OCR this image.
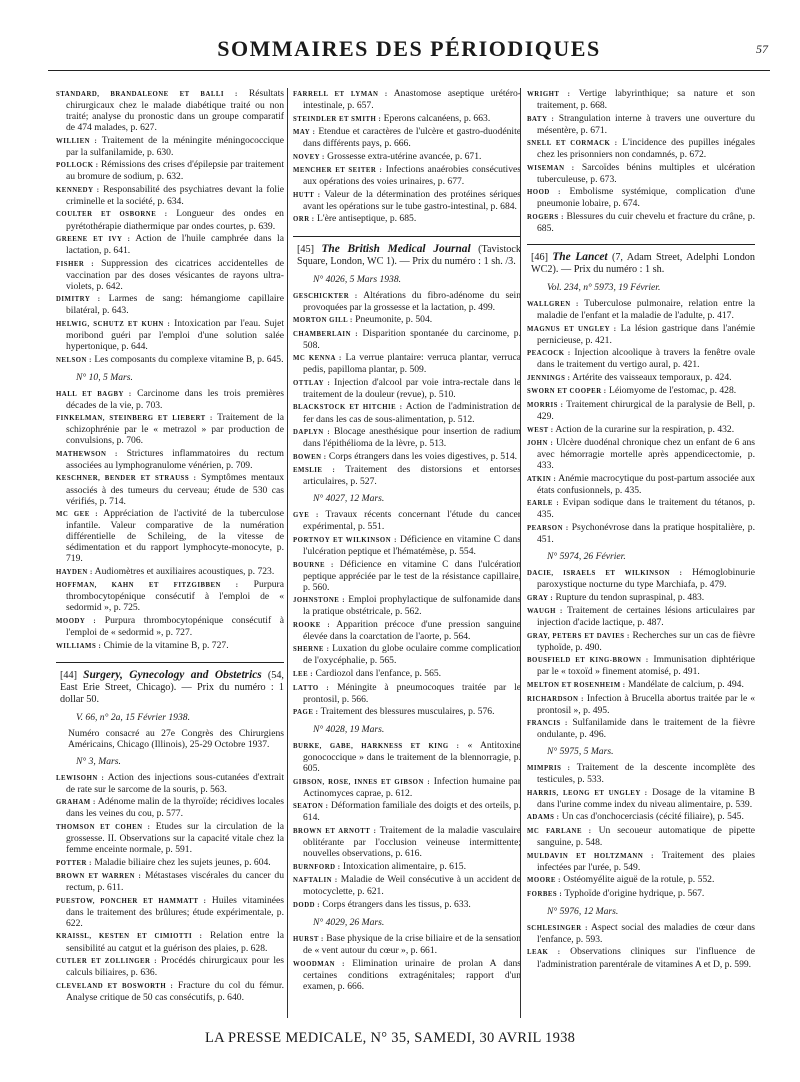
SOMMAIRES DES PÉRIODIQUES	57
STANDARD, BRANDALEONE ET BALLI : Résultats chirurgicaux chez le malade diabétique traité ou non traité; analyse du pronostic dans un groupe comparatif de 474 malades, p. 627.
WILLIEN : Traitement de la méningite méningococcique par la sulfanilamide, p. 630.
POLLOCK : Rémissions des crises d'épilepsie par traitement au bromure de sodium, p. 632.
KENNEDY : Responsabilité des psychiatres devant la folie criminelle et la société, p. 634.
COULTER ET OSBORNE : Longueur des ondes en pyrétothérapie diathermique par ondes courtes, p. 639.
GREENE ET IVY : Action de l'huile camphrée dans la lactation, p. 641.
FISHER : Suppression des cicatrices accidentelles de vaccination par des doses vésicantes de rayons ultra-violets, p. 642.
DIMITRY : Larmes de sang: hémangiome capillaire bilatéral, p. 643.
HELWIG, SCHUTZ ET KUHN : Intoxication par l'eau. Sujet moribond guéri par l'emploi d'une solution salée hypertonique, p. 644.
NELSON : Les composants du complexe vitamine B, p. 645.
N° 10, 5 Mars.
HALL ET BAGBY : Carcinome dans les trois premières décades de la vie, p. 703.
FINKELMAN, STEINBERG ET LIEBERT : Traitement de la schizophrénie par le « metrazol » par production de convulsions, p. 706.
MATHEWSON : Strictures inflammatoires du rectum associées au lymphogranulome vénérien, p. 709.
KESCHNER, BENDER ET STRAUSS : Symptômes mentaux associés à des tumeurs du cerveau; étude de 530 cas vérifiés, p. 714.
MC GEE : Appréciation de l'activité de la tuberculose infantile. Valeur comparative de la numération différentielle de Schileing, de la vitesse de sédimentation et du rapport lymphocyte-monocyte, p. 719.
HAYDEN : Audiomètres et auxiliaires acoustiques, p. 723.
HOFFMAN, KAHN ET FITZGIBBEN : Purpura thrombocytopénique consécutif à l'emploi de « sedormid », p. 725.
MOODY : Purpura thrombocytopénique consécutif à l'emploi de « sedormid », p. 727.
WILLIAMS : Chimie de la vitamine B, p. 727.
[44] Surgery, Gynecology and Obstetrics (54, East Erie Street, Chicago). — Prix du numéro : 1 dollar 50.
V. 66, n° 2a, 15 Février 1938.
Numéro consacré au 27e Congrès des Chirurgiens Américains, Chicago (Illinois), 25-29 Octobre 1937.
N° 3, Mars.
LEWISOHN : Action des injections sous-cutanées d'extrait de rate sur le sarcome de la souris, p. 563.
GRAHAM : Adénome malin de la thyroïde; récidives locales dans les veines du cou, p. 577.
THOMSON ET COHEN : Etudes sur la circulation de la grossesse. II. Observations sur la capacité vitale chez la femme enceinte normale, p. 591.
POTTER : Maladie biliaire chez les sujets jeunes, p. 604.
BROWN ET WARREN : Métastases viscérales du cancer du rectum, p. 611.
PUESTOW, PONCHER ET HAMMATT : Huiles vitaminées dans le traitement des brûlures; étude expérimentale, p. 622.
KRAISSL, KESTEN ET CIMIOTTI : Relation entre la sensibilité au catgut et la guérison des plaies, p. 628.
CUTLER ET ZOLLINGER : Procédés chirurgicaux pour les calculs biliaires, p. 636.
CLEVELAND ET BOSWORTH : Fracture du col du fémur. Analyse critique de 50 cas consécutifs, p. 640.
FARRELL ET LYMAN : Anastomose aseptique urétéro-intestinale, p. 657.
STEINDLER ET SMITH : Eperons calcanéens, p. 663.
MAY : Etendue et caractères de l'ulcère et gastro-duodénite dans différents pays, p. 666.
NOVEY : Grossesse extra-utérine avancée, p. 671.
MENCHER ET SEITER : Infections anaérobies consécutives aux opérations des voies urinaires, p. 677.
HUTT : Valeur de la détermination des protéines sériques avant les opérations sur le tube gastro-intestinal, p. 684.
ORR : L'ère antiseptique, p. 685.
[45] The British Medical Journal (Tavistock Square, London, WC 1). — Prix du numéro : 1 sh. /3.
N° 4026, 5 Mars 1938.
GESCHICKTER : Altérations du fibro-adénome du sein provoquées par la grossesse et la lactation, p. 499.
MORTON GILL : Pneumonite, p. 504.
CHAMBERLAIN : Disparition spontanée du carcinome, p. 508.
MC KENNA : La verrue plantaire: verruca plantar, verruca pedis, papilloma plantar, p. 509.
OTTLAY : Injection d'alcool par voie intra-rectale dans le traitement de la douleur (revue), p. 510.
BLACKSTOCK ET HITCHIE : Action de l'administration de fer dans les cas de sous-alimentation, p. 512.
DAPLYN : Blocage anesthésique pour insertion de radium dans l'épithélioma de la lèvre, p. 513.
BOWEN : Corps étrangers dans les voies digestives, p. 514.
EMSLIE : Traitement des distorsions et entorses articulaires, p. 527.
N° 4027, 12 Mars.
GYE : Travaux récents concernant l'étude du cancer expérimental, p. 551.
PORTNOY ET WILKINSON : Déficience en vitamine C dans l'ulcération peptique et l'hématémèse, p. 554.
BOURNE : Déficience en vitamine C dans l'ulcération peptique appréciée par le test de la résistance capillaire, p. 560.
JOHNSTONE : Emploi prophylactique de sulfonamide dans la pratique obstétricale, p. 562.
ROOKE : Apparition précoce d'une pression sanguine élevée dans la coarctation de l'aorte, p. 564.
SHERNE : Luxation du globe oculaire comme complication de l'oxycéphalie, p. 565.
LEE : Cardiozol dans l'enfance, p. 565.
LATTO : Méningite à pneumocoques traitée par le prontosil, p. 566.
PAGE : Traitement des blessures musculaires, p. 576.
N° 4028, 19 Mars.
BURKE, GABE, HARKNESS ET KING : « Antitoxine gonococcique » dans le traitement de la blennorragie, p. 605.
GIBSON, ROSE, INNES ET GIBSON : Infection humaine par Actinomyces caprae, p. 612.
SEATON : Déformation familiale des doigts et des orteils, p. 614.
BROWN ET ARNOTT : Traitement de la maladie vasculaire oblitérante par l'occlusion veineuse intermittente; nouvelles observations, p. 616.
BURNFORD : Intoxication alimentaire, p. 615.
NAFTALIN : Maladie de Weil consécutive à un accident de motocyclette, p. 621.
DODD : Corps étrangers dans les tissus, p. 633.
N° 4029, 26 Mars.
HURST : Base physique de la crise biliaire et de la sensation de « vent autour du cœur », p. 661.
WOODMAN : Elimination urinaire de prolan A dans certaines conditions extragénitales; rapport d'un examen, p. 666.
WRIGHT : Vertige labyrinthique; sa nature et son traitement, p. 668.
BATY : Strangulation interne à travers une ouverture du mésentère, p. 671.
SNELL ET CORMACK : L'incidence des pupilles inégales chez les prisonniers non condamnés, p. 672.
WISEMAN : Sarcoïdes bénins multiples et ulcération tuberculeuse, p. 673.
HOOD : Embolisme systémique, complication d'une pneumonie lobaire, p. 674.
ROGERS : Blessures du cuir chevelu et fracture du crâne, p. 685.
[46] The Lancet (7, Adam Street, Adelphi London WC2). — Prix du numéro : 1 sh.
Vol. 234, n° 5973, 19 Février.
WALLGREN : Tuberculose pulmonaire, relation entre la maladie de l'enfant et la maladie de l'adulte, p. 417.
MAGNUS ET UNGLEY : La lésion gastrique dans l'anémie pernicieuse, p. 421.
PEACOCK : Injection alcoolique à travers la fenêtre ovale dans le traitement du vertigo aural, p. 421.
JENNINGS : Artérite des vaisseaux temporaux, p. 424.
SWORN ET COOPER : Léiomyome de l'estomac, p. 428.
MORRIS : Traitement chirurgical de la paralysie de Bell, p. 429.
WEST : Action de la curarine sur la respiration, p. 432.
JOHN : Ulcère duodénal chronique chez un enfant de 6 ans avec hémorragie mortelle après appendicectomie, p. 433.
ATKIN : Anémie macrocytique du post-partum associée aux états confusionnels, p. 435.
EARLE : Evipan sodique dans le traitement du tétanos, p. 435.
PEARSON : Psychonévrose dans la pratique hospitalière, p. 451.
N° 5974, 26 Février.
DACIE, ISRAELS ET WILKINSON : Hémoglobinurie paroxystique nocturne du type Marchiafa, p. 479.
GRAY : Rupture du tendon supraspinal, p. 483.
WAUGH : Traitement de certaines lésions articulaires par injection d'acide lactique, p. 487.
GRAY, PETERS ET DAVIES : Recherches sur un cas de fièvre typhoïde, p. 490.
BOUSFIELD ET KING-BROWN : Immunisation diphtérique par le « toxoïd » finement atomisé, p. 491.
MELTON ET ROSENHEIM : Mandélate de calcium, p. 494.
RICHARDSON : Infection à Brucella abortus traitée par le « prontosil », p. 495.
FRANCIS : Sulfanilamide dans le traitement de la fièvre ondulante, p. 496.
N° 5975, 5 Mars.
MIMPRIS : Traitement de la descente incomplète des testicules, p. 533.
HARRIS, LEONG ET UNGLEY : Dosage de la vitamine B dans l'urine comme index du niveau alimentaire, p. 539.
ADAMS : Un cas d'onchocerciasis (cécité filiaire), p. 545.
MC FARLANE : Un secoueur automatique de pipette sanguine, p. 548.
MULDAVIN ET HOLTZMANN : Traitement des plaies infectées par l'urée, p. 549.
MOORE : Ostéomyélite aiguë de la rotule, p. 552.
FORBES : Typhoïde d'origine hydrique, p. 567.
N° 5976, 12 Mars.
SCHLESINGER : Aspect social des maladies de cœur dans l'enfance, p. 593.
LEAK : Observations cliniques sur l'influence de l'administration parentérale de vitamines A et D, p. 599.
LA PRESSE MEDICALE, N° 35, SAMEDI, 30 AVRIL 1938
